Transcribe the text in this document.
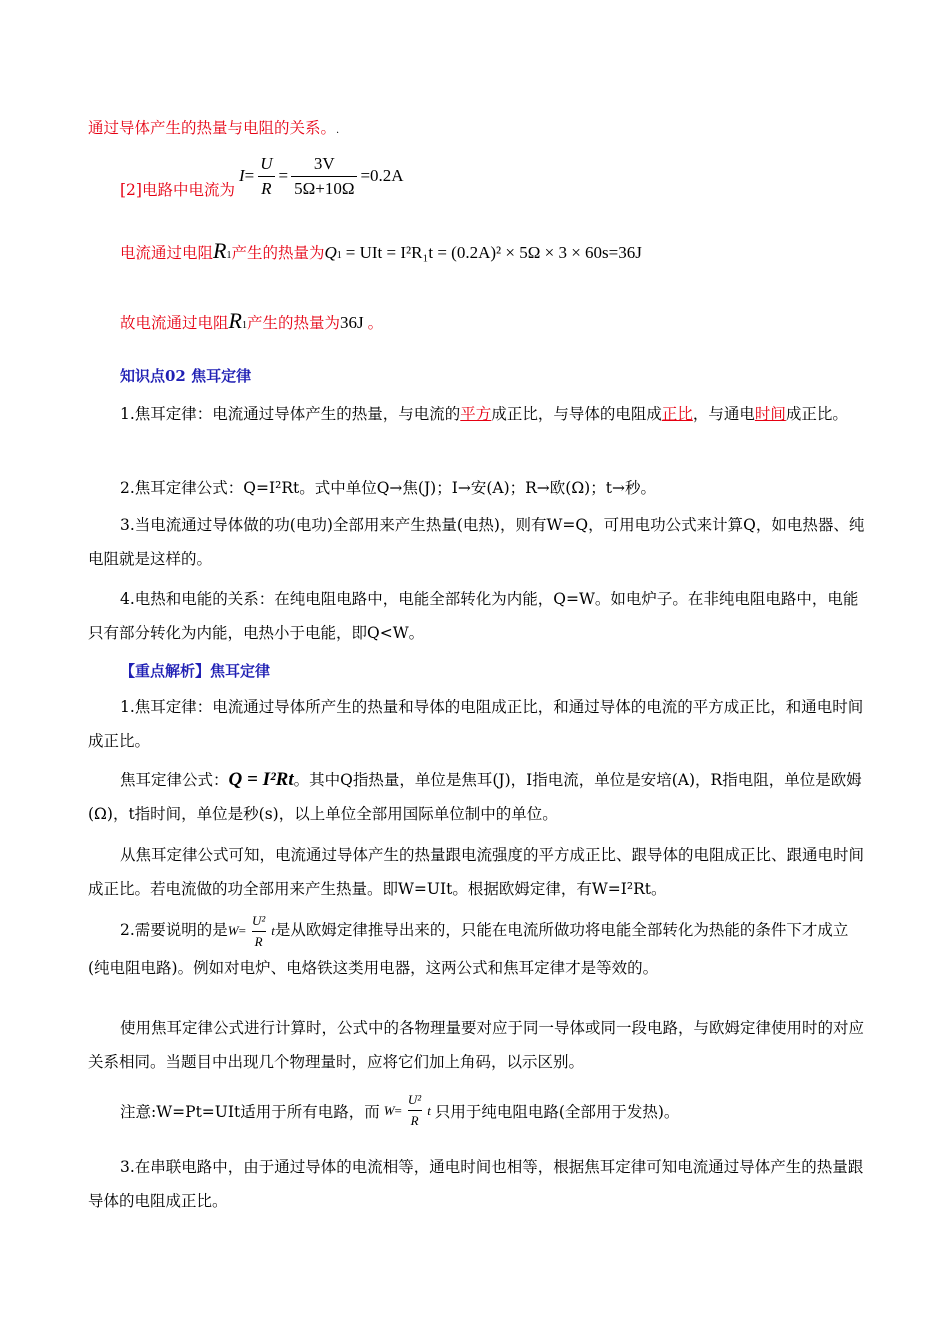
通过导体产生的热量与电阻的关系。.
[2]电路中电流为
$I = \frac{U}{R} = \frac{3V}{5\Omega+10\Omega} =0.2A$
电流通过电阻 $R_1$ 产生的热量为 Q 1 = UIt = I²R₁t = (0.2A)² × 5Ω × 3 × 60s=36J
故电流通过电阻 $R_1$ 产生的热量为 36J 。
知识点02 焦耳定律
1.焦耳定律：电流通过导体产生的热量，与电流的平方成正比，与导体的电阻成正比，与通电时间成正比。
2.焦耳定律公式：Q=I²Rt。式中单位Q→焦(J)；I→安(A)；R→欧(Ω)；t→秒。
3.当电流通过导体做的功(电功)全部用来产生热量(电热)，则有W=Q，可用电功公式来计算Q，如电热器、纯电阻就是这样的。
4.电热和电能的关系：在纯电阻电路中，电能全部转化为内能，Q=W。如电炉子。在非纯电阻电路中，电能只有部分转化为内能，电热小于电能，即Q<W。
【重点解析】焦耳定律
1.焦耳定律：电流通过导体所产生的热量和导体的电阻成正比，和通过导体的电流的平方成正比，和通电时间成正比。
焦耳定律公式：Q = I²Rt。其中Q指热量，单位是焦耳(J)，I指电流，单位是安培(A)，R指电阻，单位是欧姆(Ω)，t指时间，单位是秒(s)，以上单位全部用国际单位制中的单位。
从焦耳定律公式可知，电流通过导体产生的热量跟电流强度的平方成正比、跟导体的电阻成正比、跟通电时间成正比。若电流做的功全部用来产生热量。即W=UIt。根据欧姆定律，有W=I²Rt。
2.需要说明的是 $W = \frac{\text{U²}}{R}$ t 是从欧姆定律推导出来的，只能在电流所做功将电能全部转化为热能的条件下才成立(纯电阻电路)。例如对电炉、电烙铁这类用电器，这两公式和焦耳定律才是等效的。
使用焦耳定律公式进行计算时，公式中的各物理量要对应于同一导体或同一段电路，与欧姆定律使用时的对应关系相同。当题目中出现几个物理量时，应将它们加上角码，以示区别。
注意:W=Pt=UIt适用于所有电路，而 $W = \frac{\text{U²}}{R}$ t 只用于纯电阻电路(全部用于发热)。
3.在串联电路中，由于通过导体的电流相等，通电时间也相等，根据焦耳定律可知电流通过导体产生的热量跟导体的电阻成正比。
